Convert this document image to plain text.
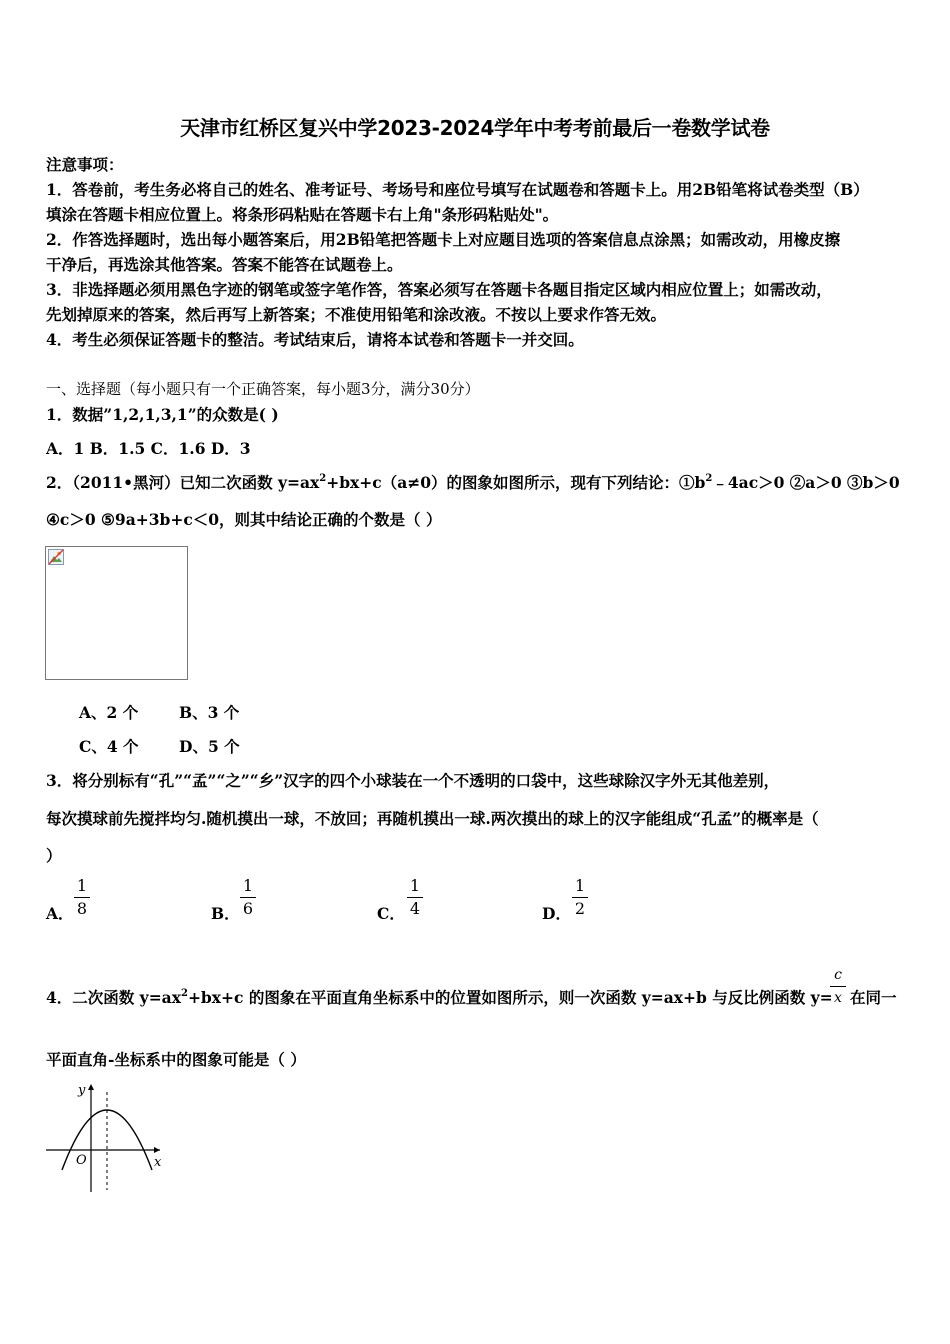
天津市红桥区复兴中学2023-2024学年中考考前最后一卷数学试卷
注意事项：
1．答卷前，考生务必将自己的姓名、准考证号、考场号和座位号填写在试题卷和答题卡上。用2B铅笔将试卷类型（B）
填涂在答题卡相应位置上。将条形码粘贴在答题卡右上角"条形码粘贴处"。
2．作答选择题时，选出每小题答案后，用2B铅笔把答题卡上对应题目选项的答案信息点涂黑；如需改动，用橡皮擦
干净后，再选涂其他答案。答案不能答在试题卷上。
3．非选择题必须用黑色字迹的钢笔或签字笔作答，答案必须写在答题卡各题目指定区域内相应位置上；如需改动，
先划掉原来的答案，然后再写上新答案；不准使用铅笔和涂改液。不按以上要求作答无效。
4．考生必须保证答题卡的整洁。考试结束后，请将本试卷和答题卡一并交回。
一、选择题（每小题只有一个正确答案，每小题3分，满分30分）
1．数据”1,2,1,3,1”的众数是( )
A．1 B．1.5 C．1.6 D．3
2．（2011•黑河）已知二次函数 $y=ax^2+bx+c(a\ne 0)$的图象如图所示，现有下列结论：$①b^2﹣4ac>0$ ②a＞0 ③b＞0
④c＞0 ⑤9a+3b+c＜0，则其中结论正确的个数是（ ）
A、2 个	B、3 个
C、4 个	D、5 个
3．将分别标有“孔”“孟”“之”“乡”汉字的四个小球装在一个不透明的口袋中，这些球除汉字外无其他差别，
每次摸球前先搅拌均匀.随机摸出一球，不放回；再随机摸出一球.两次摸出的球上的汉字能组成“孔孟”的概率是（
）
A．
1
8	B．
1
6	C．
1
4	D．
1
2
4．二次函数 $y=ax^2+bx+c$ 的图象在平面直角坐标系中的位置如图所示，则一次函数 y=ax+b 与反比例函数 y=
c
x 在同一
平面直角-坐标系中的图象可能是（ ）
y
x
O
